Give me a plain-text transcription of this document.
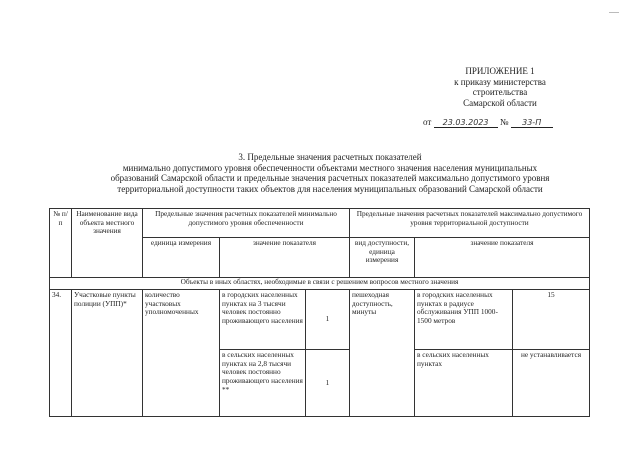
ПРИЛОЖЕНИЕ 1
к приказу министерства
строительства
Самарской области
от 23.03.2023 № 33-П
3. Предельные значения расчетных показателей
минимально допустимого уровня обеспеченности объектами местного значения населения муниципальных
образований Самарской области и предельные значения расчетных показателей максимально допустимого уровня
территориальной доступности таких объектов для населения муниципальных образований Самарской области
№ п/п	Наименование вида объекта местного значения	Предельные значения расчетных показателей минимально допустимого уровня обеспеченности			Предельные значения расчетных показателей максимально допустимого уровня территориальной доступности		
		единица измерения	значение показателя		вид доступности, единица измерения	значение показателя	
Объекты в иных областях, необходимые в связи с решением вопросов местного значения							
34.	Участковые пункты полиции (УПП)*	количество участковых уполномоченных	в городских населенных пунктах на 3 тысячи человек постоянно проживающего населения	1	пешеходная доступность, минуты	в городских населенных пунктах в радиусе обслуживания УПП 1000-1500 метров	15
			в сельских населенных пунктах на 2,8 тысячи человек постоянно проживающего населения **	1		в сельских населенных пунктах	не устанавливается
